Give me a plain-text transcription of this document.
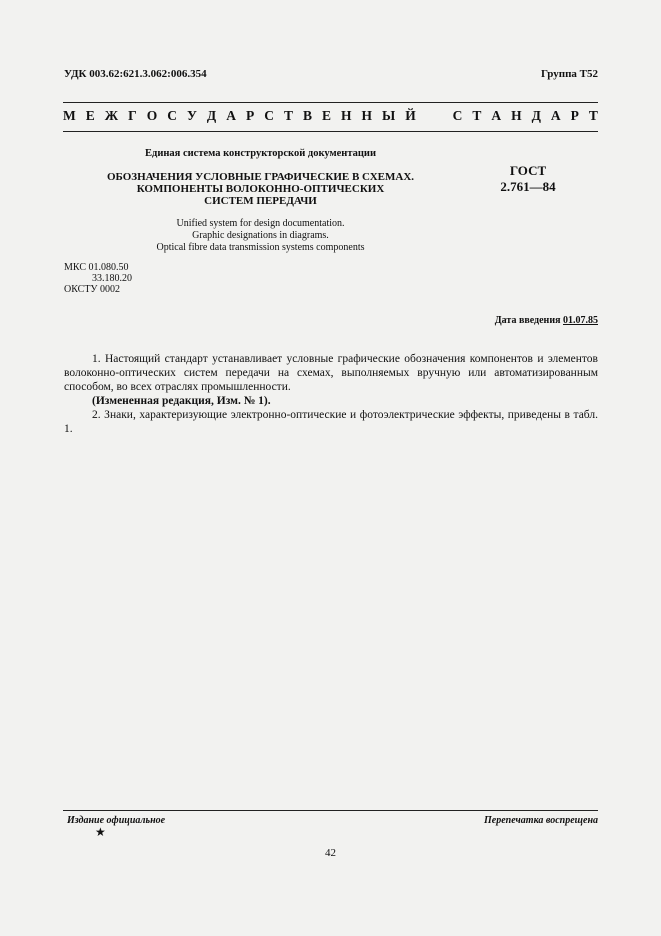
УДК 003.62:621.3.062:006.354	Группа Т52
М Е Ж Г О С У Д А Р С Т В Е Н Н Ы Й

	С Т А Н Д А Р Т
Единая система конструкторской документации
ОБОЗНАЧЕНИЯ УСЛОВНЫЕ ГРАФИЧЕСКИЕ В СХЕМАХ.
КОМПОНЕНТЫ ВОЛОКОННО-ОПТИЧЕСКИХ
СИСТЕМ ПЕРЕДАЧИ
ГОСТ
2.761—84
Unified system for design documentation.
Graphic designations in diagrams.
Optical fibre data transmission systems components
МКС 01.080.50
33.180.20
ОКСТУ 0002
Дата введения 01.07.85

1. Настоящий стандарт устанавливает условные графические обозначения компонентов и элементов волоконно-оптических систем передачи на схемах, выполняемых вручную или автоматизированным способом, во всех отраслях промышленности.

(Измененная редакция, Изм. № 1).

2. Знаки, характеризующие электронно-оптические и фотоэлектрические эффекты, приведены в табл. 1.

Издание официальное
★
Перепечатка воспрещена
42
